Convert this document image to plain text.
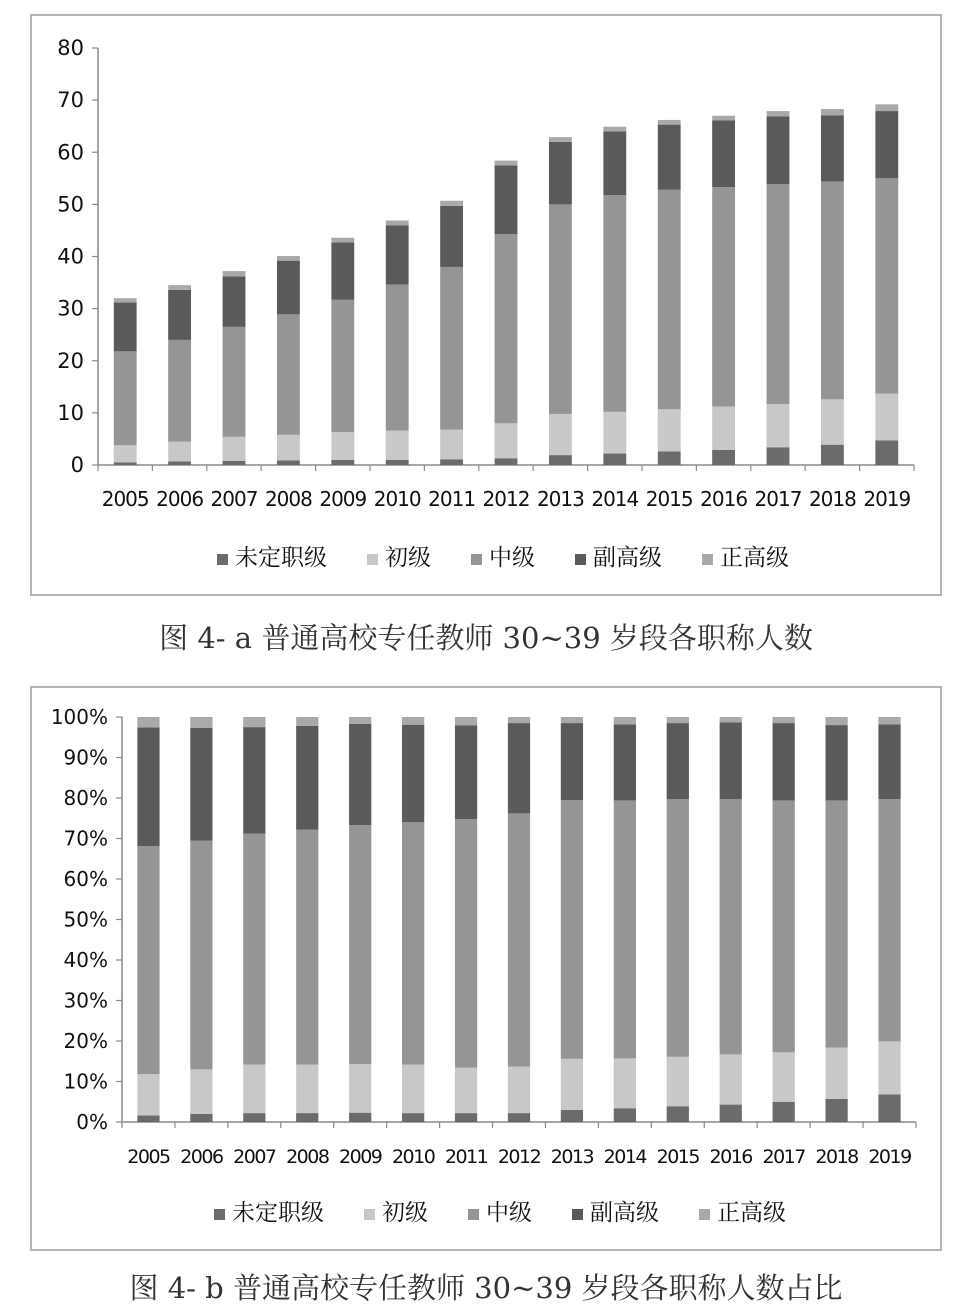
0
10
20
30
40
50
60
70
80
2005 2006 2007 2008 2009 2010 2011 2012 2013 2014 2015 2016 2017 2018 2019
未定职级	初级	中级	副高级	正高级
图 4- a 普通高校专任教师 30~39 岁段各职称人数
0%
10%
20%
30%
40%
50%
60%
70%
80%
90%
100%
2005 2006 2007 2008 2009 2010 2011 2012 2013 2014 2015 2016 2017 2018 2019
未定职级	初级	中级	副高级	正高级
图 4- b 普通高校专任教师 30~39 岁段各职称人数占比
